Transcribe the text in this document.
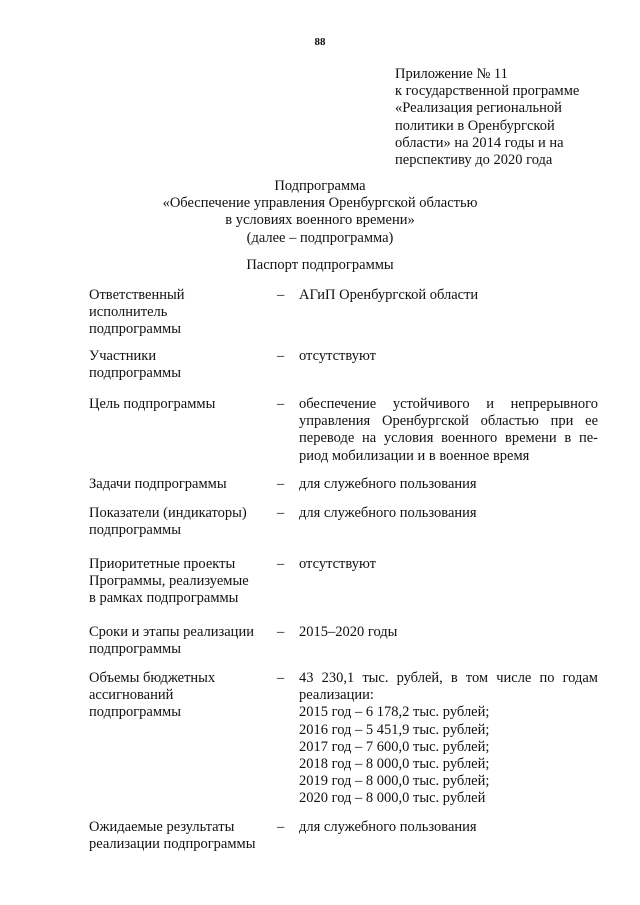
88
Приложение № 11
к государственной программе
«Реализация региональной
политики в Оренбургской
области» на 2014 годы и на
перспективу до 2020 года
Подпрограмма
«Обеспечение управления Оренбургской областью
в условиях военного времени»
(далее – подпрограмма)
Паспорт подпрограммы
Ответственный
исполнитель
подпрограммы
–	АГиП Оренбургской области
Участники
подпрограммы
–	отсутствуют
Цель подпрограммы	–	обеспечение устойчивого и непрерывного
управления Оренбургской областью при ее
переводе на условия военного времени в пе-
риод мобилизации и в военное время
Задачи подпрограммы	–	для служебного пользования
Показатели (индикаторы)
подпрограммы
–	для служебного пользования
Приоритетные проекты
Программы, реализуемые
в рамках подпрограммы
–	отсутствуют
Сроки и этапы реализации
подпрограммы
–	2015–2020 годы
Объемы бюджетных
ассигнований
подпрограммы
–	43 230,1 тыс. рублей, в том числе по годам
реализации:
2015 год – 6 178,2 тыс. рублей;
2016 год – 5 451,9 тыс. рублей;
2017 год – 7 600,0 тыс. рублей;
2018 год – 8 000,0 тыс. рублей;
2019 год – 8 000,0 тыс. рублей;
2020 год – 8 000,0 тыс. рублей
Ожидаемые результаты
реализации подпрограммы
–	для служебного пользования
